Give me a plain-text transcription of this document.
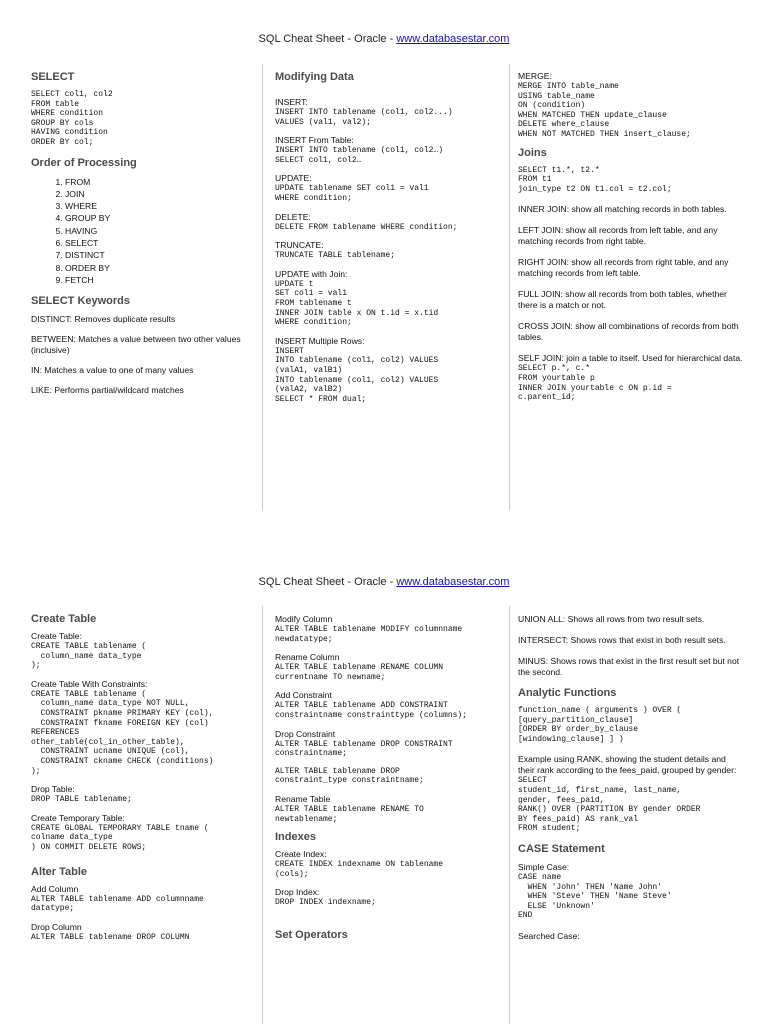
SQL Cheat Sheet - Oracle - www.databasestar.com
SELECT
SELECT col1, col2
FROM table
WHERE condition
GROUP BY cols
HAVING condition
ORDER BY col;
Order of Processing
1. FROM
2. JOIN
3. WHERE
4. GROUP BY
5. HAVING
6. SELECT
7. DISTINCT
8. ORDER BY
9. FETCH
SELECT Keywords

DISTINCT: Removes duplicate results

BETWEEN: Matches a value between two other values (inclusive)

IN: Matches a value to one of many values

LIKE: Performs partial/wildcard matches

Modifying Data
INSERT:
INSERT INTO tablename (col1, col2...)
VALUES (val1, val2);
INSERT From Table:
INSERT INTO tablename (col1, col2…)
SELECT col1, col2…
UPDATE:
UPDATE tablename SET col1 = val1
WHERE condition;
DELETE:
DELETE FROM tablename WHERE condition;
TRUNCATE:
TRUNCATE TABLE tablename;
UPDATE with Join:
UPDATE t
SET col1 = val1
FROM tablename t
INNER JOIN table x ON t.id = x.tid
WHERE condition;
INSERT Multiple Rows:
INSERT
INTO tablename (col1, col2) VALUES
(valA1, valB1)
INTO tablename (col1, col2) VALUES
(valA2, valB2)
SELECT * FROM dual;
MERGE:
MERGE INTO table_name
USING table_name
ON (condition)
WHEN MATCHED THEN update_clause
DELETE where_clause
WHEN NOT MATCHED THEN insert_clause;
Joins
SELECT t1.*, t2.*
FROM t1
join_type t2 ON t1.col = t2.col;

INNER JOIN: show all matching records in both tables.

LEFT JOIN: show all records from left table, and any matching records from right table.

RIGHT JOIN: show all records from right table, and any matching records from left table.

FULL JOIN: show all records from both tables, whether there is a match or not.

CROSS JOIN: show all combinations of records from both tables.

SELF JOIN: join a table to itself. Used for hierarchical data.

SELECT p.*, c.*
FROM yourtable p
INNER JOIN yourtable c ON p.id =
c.parent_id;
SQL Cheat Sheet - Oracle - www.databasestar.com
Create Table
Create Table:
CREATE TABLE tablename (
column_name data_type
);
Create Table With Constraints:
CREATE TABLE tablename (
column_name data_type NOT NULL,
CONSTRAINT pkname PRIMARY KEY (col),
CONSTRAINT fkname FOREIGN KEY (col)
REFERENCES
other_table(col_in_other_table),
CONSTRAINT ucname UNIQUE (col),
CONSTRAINT ckname CHECK (conditions)
);
Drop Table:
DROP TABLE tablename;
Create Temporary Table:
CREATE GLOBAL TEMPORARY TABLE tname (
colname data_type
) ON COMMIT DELETE ROWS;
Alter Table
Add Column
ALTER TABLE tablename ADD columnname
datatype;
Drop Column
ALTER TABLE tablename DROP COLUMN
Modify Column
ALTER TABLE tablename MODIFY columnname
newdatatype;
Rename Column
ALTER TABLE tablename RENAME COLUMN
currentname TO newname;
Add Constraint
ALTER TABLE tablename ADD CONSTRAINT
constraintname constrainttype (columns);
Drop Constraint
ALTER TABLE tablename DROP CONSTRAINT
constraintname;
ALTER TABLE tablename DROP
constraint_type constraintname;
Rename Table
ALTER TABLE tablename RENAME TO
newtablename;
Indexes
Create Index:
CREATE INDEX indexname ON tablename
(cols);
Drop Index:
DROP INDEX indexname;
Set Operators

UNION ALL: Shows all rows from two result sets.

INTERSECT: Shows rows that exist in both result sets.

MINUS: Shows rows that exist in the first result set but not the second.

Analytic Functions
function_name ( arguments ) OVER (
[query_partition_clause]
[ORDER BY order_by_clause
[windowing_clause] ] )

Example using RANK, showing the student details and their rank according to the fees_paid, grouped by gender:

SELECT
student_id, first_name, last_name,
gender, fees_paid,
RANK() OVER (PARTITION BY gender ORDER
BY fees_paid) AS rank_val
FROM student;
CASE Statement
Simple Case:
CASE name
WHEN 'John' THEN 'Name John'
WHEN 'Steve' THEN 'Name Steve'
ELSE 'Unknown'
END
Searched Case:
